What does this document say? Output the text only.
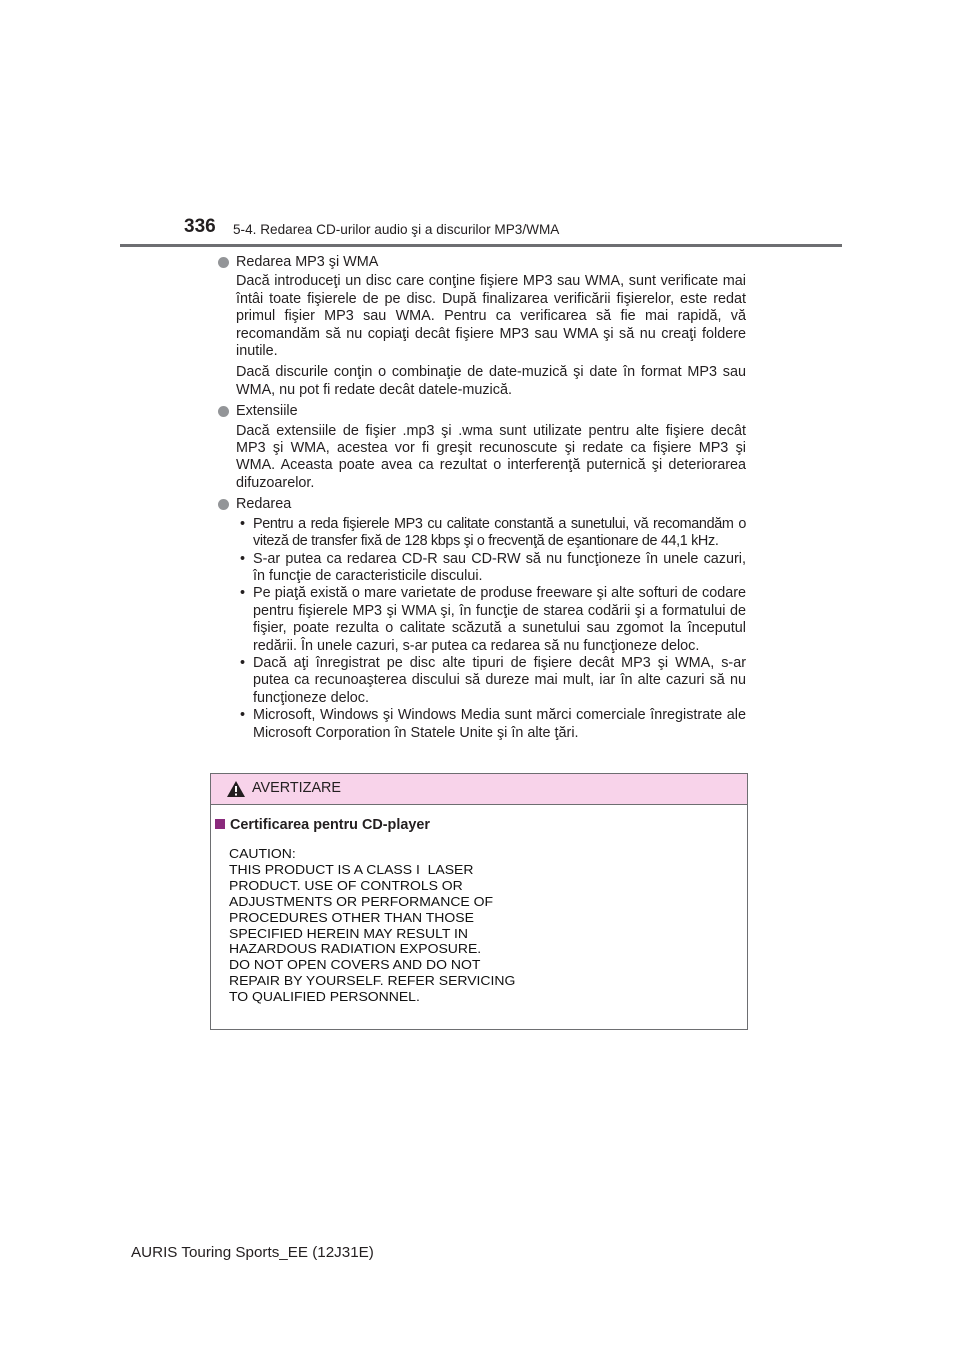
336 5-4. Redarea CD-urilor audio şi a discurilor MP3/WMA

Redarea MP3 şi WMA

Dacă introduceţi un disc care conţine fişiere MP3 sau WMA, sunt verificate mai întâi toate fişierele de pe disc. După finalizarea verificării fişierelor, este redat primul fişier MP3 sau WMA. Pentru ca verificarea să fie mai rapidă, vă recomandăm să nu copiaţi decât fişiere MP3 sau WMA şi să nu creaţi foldere inutile.

Dacă discurile conţin o combinaţie de date-muzică şi date în format MP3 sau WMA, nu pot fi redate decât datele-muzică.

Extensiile

Dacă extensiile de fişier .mp3 şi .wma sunt utilizate pentru alte fişiere decât MP3 şi WMA, acestea vor fi greşit recunoscute şi redate ca fişiere MP3 şi WMA. Aceasta poate avea ca rezultat o interferenţă puternică şi deteriorarea difuzoarelor.

Redarea

• Pentru a reda fişierele MP3 cu calitate constantă a sunetului, vă recomandăm o viteză de transfer fixă de 128 kbps şi o frecvenţă de eşantionare de 44,1 kHz.
• S-ar putea ca redarea CD-R sau CD-RW să nu funcţioneze în unele cazuri, în funcţie de caracteristicile discului.
• Pe piaţă există o mare varietate de produse freeware şi alte softuri de codare pentru fişierele MP3 şi WMA şi, în funcţie de starea codării şi a formatului de fişier, poate rezulta o calitate scăzută a sunetului sau zgomot la începutul redării. În unele cazuri, s-ar putea ca redarea să nu funcţioneze deloc.
• Dacă aţi înregistrat pe disc alte tipuri de fişiere decât MP3 şi WMA, s-ar putea ca recunoaşterea discului să dureze mai mult, iar în alte cazuri să nu funcţioneze deloc.
• Microsoft, Windows şi Windows Media sunt mărci comerciale înregistrate ale Microsoft Corporation în Statele Unite şi în alte ţări.
AVERTIZARE
Certificarea pentru CD-player
CAUTION:
THIS PRODUCT IS A CLASS I  LASER
PRODUCT. USE OF CONTROLS OR
ADJUSTMENTS OR PERFORMANCE OF
PROCEDURES OTHER THAN THOSE
SPECIFIED HEREIN MAY RESULT IN
HAZARDOUS RADIATION EXPOSURE.
DO NOT OPEN COVERS AND DO NOT
REPAIR BY YOURSELF. REFER SERVICING
TO QUALIFIED PERSONNEL.
AURIS Touring Sports_EE (12J31E)
